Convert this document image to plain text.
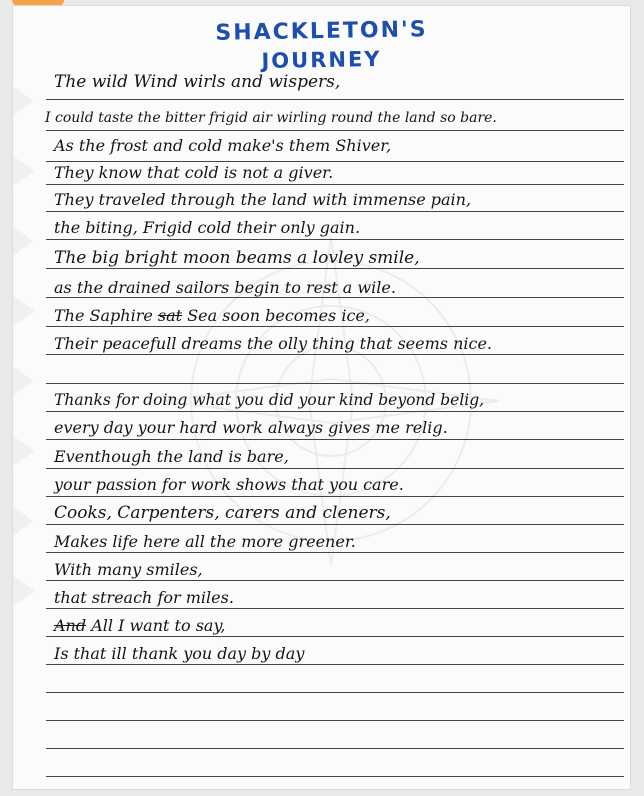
SHACKLETON'S
JOURNEY
The wild Wind wirls and wispers,
I could taste the bitter frigid air wirling round the land so bare.
As the frost and cold make's them Shiver,
They know that cold is not a giver.
They traveled through the land with immense pain,
the biting, Frigid cold their only gain.
The big bright moon beams a lovley smile,
as the drained sailors begin to rest a wile.
The Saphire sat Sea soon becomes ice,
Their peacefull dreams the olly thing that seems nice.
Thanks for doing what you did your kind beyond belig,
every day your hard work always gives me relig.
Eventhough the land is bare,
your passion for work shows that you care.
Cooks, Carpenters, carers and cleners,
Makes life here all the more greener.
With many smiles,
that streach for miles.
And All I want to say,
Is that ill thank you day by day
